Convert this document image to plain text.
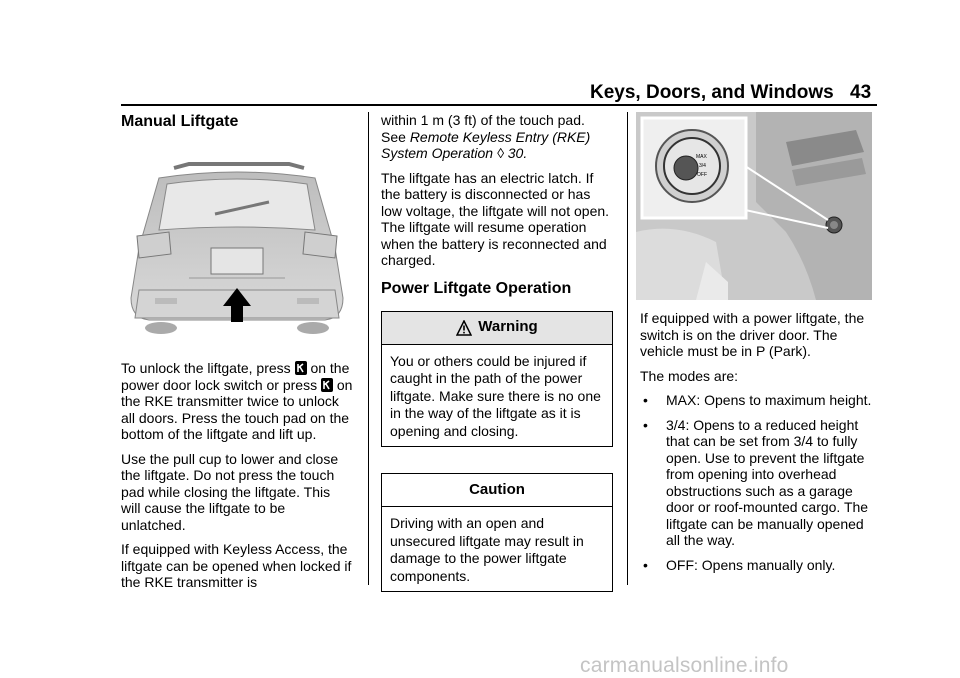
Keys, Doors, and Windows 43
Manual Liftgate

To unlock the liftgate, press on the power door lock switch or press on the RKE transmitter twice to unlock all doors. Press the touch pad on the bottom of the liftgate and lift up.

Use the pull cup to lower and close the liftgate. Do not press the touch pad while closing the liftgate. This will cause the liftgate to be unlatched.

If equipped with Keyless Access, the liftgate can be opened when locked if the RKE transmitter is

within 1 m (3 ft) of the touch pad. See Remote Keyless Entry (RKE) System Operation ◊ 30.

The liftgate has an electric latch. If the battery is disconnected or has low voltage, the liftgate will not open. The liftgate will resume operation when the battery is reconnected and charged.

Power Liftgate Operation
Warning
You or others could be injured if caught in the path of the power liftgate. Make sure there is no one in the way of the liftgate as it is opening and closing.
Caution
Driving with an open and unsecured liftgate may result in damage to the power liftgate components.
MAX
3/4
OFF

If equipped with a power liftgate, the switch is on the driver door. The vehicle must be in P (Park).

The modes are:

• MAX: Opens to maximum height.
• 3/4: Opens to a reduced height that can be set from 3/4 to fully open. Use to prevent the liftgate from opening into overhead obstructions such as a garage door or roof-mounted cargo. The liftgate can be manually opened all the way.
• OFF: Opens manually only.
carmanualsonline.info
